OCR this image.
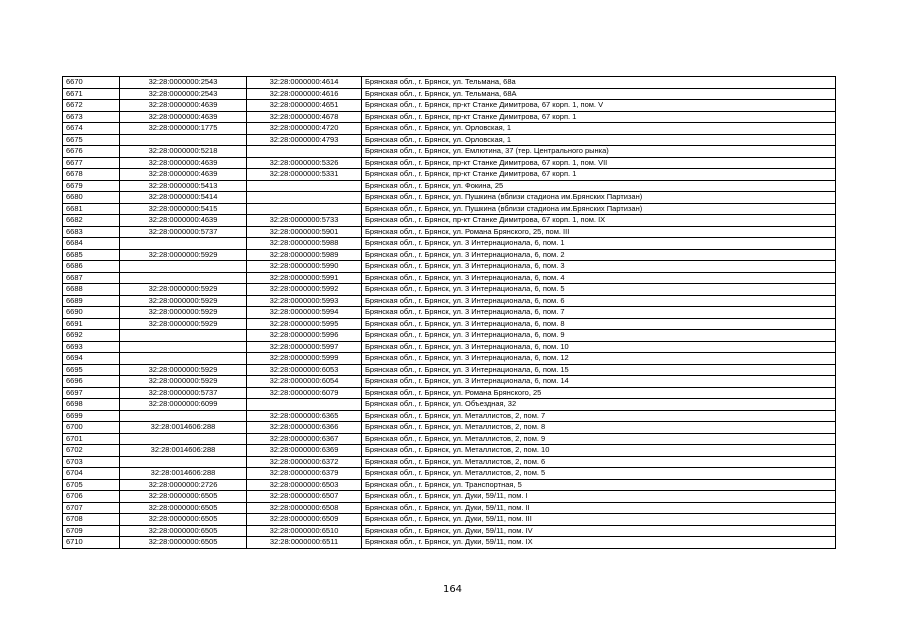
6670	32:28:0000000:2543	32:28:0000000:4614	Брянская обл., г. Брянск, ул. Тельмана, 68а
6671	32:28:0000000:2543	32:28:0000000:4616	Брянская обл., г. Брянск, ул. Тельмана, 68А
6672	32:28:0000000:4639	32:28:0000000:4651	Брянская обл., г. Брянск, пр-кт Станке Димитрова, 67 корп. 1, пом. V
6673	32:28:0000000:4639	32:28:0000000:4678	Брянская обл., г. Брянск, пр-кт Станке Димитрова, 67 корп. 1
6674	32:28:0000000:1775	32:28:0000000:4720	Брянская обл., г. Брянск, ул. Орловская, 1
6675		32:28:0000000:4793	Брянская обл., г. Брянск, ул. Орловская, 1
6676	32:28:0000000:5218		Брянская обл., г. Брянск, ул. Емлютина, 37 (тер. Центрального рынка)
6677	32:28:0000000:4639	32:28:0000000:5326	Брянская обл., г. Брянск, пр-кт Станке Димитрова, 67 корп. 1, пом. VII
6678	32:28:0000000:4639	32:28:0000000:5331	Брянская обл., г. Брянск, пр-кт Станке Димитрова, 67 корп. 1
6679	32:28:0000000:5413		Брянская обл., г. Брянск, ул. Фокина, 25
6680	32:28:0000000:5414		Брянская обл., г. Брянск, ул. Пушкина (вблизи стадиона им.Брянских Партизан)
6681	32:28:0000000:5415		Брянская обл., г. Брянск, ул. Пушкина (вблизи стадиона им.Брянских Партизан)
6682	32:28:0000000:4639	32:28:0000000:5733	Брянская обл., г. Брянск, пр-кт Станке Димитрова, 67 корп. 1, пом. IX
6683	32:28:0000000:5737	32:28:0000000:5901	Брянская обл., г. Брянск, ул. Романа Брянского, 25, пом. III
6684		32:28:0000000:5988	Брянская обл., г. Брянск, ул. 3 Интернационала, 6, пом. 1
6685	32:28:0000000:5929	32:28:0000000:5989	Брянская обл., г. Брянск, ул. 3 Интернационала, 6, пом. 2
6686		32:28:0000000:5990	Брянская обл., г. Брянск, ул. 3 Интернационала, 6, пом. 3
6687		32:28:0000000:5991	Брянская обл., г. Брянск, ул. 3 Интернационала, 6, пом. 4
6688	32:28:0000000:5929	32:28:0000000:5992	Брянская обл., г. Брянск, ул. 3 Интернационала, 6, пом. 5
6689	32:28:0000000:5929	32:28:0000000:5993	Брянская обл., г. Брянск, ул. 3 Интернационала, 6, пом. 6
6690	32:28:0000000:5929	32:28:0000000:5994	Брянская обл., г. Брянск, ул. 3 Интернационала, 6, пом. 7
6691	32:28:0000000:5929	32:28:0000000:5995	Брянская обл., г. Брянск, ул. 3 Интернационала, 6, пом. 8
6692		32:28:0000000:5996	Брянская обл., г. Брянск, ул. 3 Интернационала, 6, пом. 9
6693		32:28:0000000:5997	Брянская обл., г. Брянск, ул. 3 Интернационала, 6, пом. 10
6694		32:28:0000000:5999	Брянская обл., г. Брянск, ул. 3 Интернационала, 6, пом. 12
6695	32:28:0000000:5929	32:28:0000000:6053	Брянская обл., г. Брянск, ул. 3 Интернационала, 6, пом. 15
6696	32:28:0000000:5929	32:28:0000000:6054	Брянская обл., г. Брянск, ул. 3 Интернационала, 6, пом. 14
6697	32:28:0000000:5737	32:28:0000000:6079	Брянская обл., г. Брянск, ул. Романа Брянского, 25
6698	32:28:0000000:6099		Брянская обл., г. Брянск, ул. Объездная, 32
6699		32:28:0000000:6365	Брянская обл., г. Брянск, ул. Металлистов, 2, пом. 7
6700	32:28:0014606:288	32:28:0000000:6366	Брянская обл., г. Брянск, ул. Металлистов, 2, пом. 8
6701		32:28:0000000:6367	Брянская обл., г. Брянск, ул. Металлистов, 2, пом. 9
6702	32:28:0014606:288	32:28:0000000:6369	Брянская обл., г. Брянск, ул. Металлистов, 2, пом. 10
6703		32:28:0000000:6372	Брянская обл., г. Брянск, ул. Металлистов, 2, пом. 6
6704	32:28:0014606:288	32:28:0000000:6379	Брянская обл., г. Брянск, ул. Металлистов, 2, пом. 5
6705	32:28:0000000:2726	32:28:0000000:6503	Брянская обл., г. Брянск, ул. Транспортная, 5
6706	32:28:0000000:6505	32:28:0000000:6507	Брянская обл., г. Брянск, ул. Дуки, 59/11, пом. I
6707	32:28:0000000:6505	32:28:0000000:6508	Брянская обл., г. Брянск, ул. Дуки, 59/11, пом. II
6708	32:28:0000000:6505	32:28:0000000:6509	Брянская обл., г. Брянск, ул. Дуки, 59/11, пом. III
6709	32:28:0000000:6505	32:28:0000000:6510	Брянская обл., г. Брянск, ул. Дуки, 59/11, пом. IV
6710	32:28:0000000:6505	32:28:0000000:6511	Брянская обл., г. Брянск, ул. Дуки, 59/11, пом. IX
164
